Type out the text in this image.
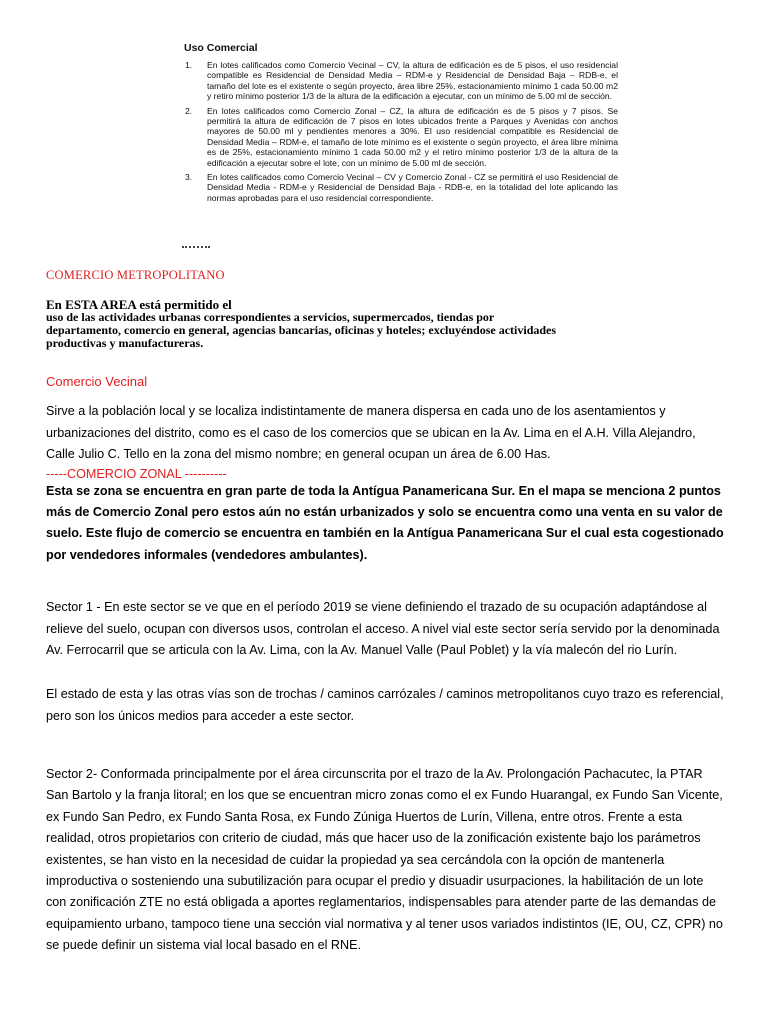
Uso Comercial
1.	En lotes calificados como Comercio Vecinal – CV, la altura de edificación es de 5 pisos, el uso residencial compatible es Residencial de Densidad Media – RDM-e y Residencial de Densidad Baja – RDB-e, el tamaño del lote es el existente o según proyecto, área libre 25%, estacionamiento mínimo 1 cada 50.00 m2 y retiro mínimo posterior 1/3 de la altura de la edificación a ejecutar, con un mínimo de 5.00 ml de sección.
2.	En lotes calificados como Comercio Zonal – CZ, la altura de edificación es de 5 pisos y 7 pisos. Se permitirá la altura de edificación de 7 pisos en lotes ubicados frente a Parques y Avenidas con anchos mayores de 50.00 ml y pendientes menores a 30%. El uso residencial compatible es Residencial de Densidad Media – RDM-e, el tamaño de lote mínimo es el existente o según proyecto, el área libre mínima es de 25%, estacionamiento mínimo 1 cada 50.00 m2 y el retiro mínimo posterior 1/3 de la altura de la edificación a ejecutar sobre el lote, con un mínimo de 5.00 ml de sección.
3.	En lotes calificados como Comercio Vecinal – CV y Comercio Zonal - CZ se permitirá el uso Residencial de Densidad Media - RDM-e y Residencial de Densidad Baja - RDB-e, en la totalidad del lote aplicando las normas aprobadas para el uso residencial correspondiente.
COMERCIO METROPOLITANO
En ESTA AREA está permitido el
uso de las actividades urbanas correspondientes a servicios, supermercados, tiendas por
departamento, comercio en general, agencias bancarias, oficinas y hoteles; excluyéndose actividades
productivas y manufactureras.
Comercio Vecinal

Sirve a la población local y se localiza indistintamente de manera dispersa en cada uno de los asentamientos y urbanizaciones del distrito, como es el caso de los comercios que se ubican en la Av. Lima en el A.H. Villa Alejandro, Calle Julio C. Tello en la zona del mismo nombre; en general ocupan un área de 6.00 Has.

-----COMERCIO ZONAL ----------

Esta se zona se encuentra en gran parte de toda la Antígua Panamericana Sur. En el mapa se menciona 2 puntos más de Comercio Zonal pero estos aún no están urbanizados y solo se encuentra como una venta en su valor de suelo. Este flujo de comercio se encuentra en también en la Antígua Panamericana Sur el cual esta cogestionado por vendedores informales (vendedores ambulantes).

Sector 1 - En este sector se ve que en el período 2019 se viene definiendo el trazado de su ocupación adaptándose al relieve del suelo, ocupan con diversos usos, controlan el acceso. A nivel vial este sector sería servido por la denominada Av. Ferrocarril que se articula con la Av. Lima, con la Av. Manuel Valle (Paul Poblet) y la vía malecón del rio Lurín.

El estado de esta y las otras vías son de trochas / caminos carrózales / caminos metropolitanos cuyo trazo es referencial, pero son los únicos medios para acceder a este sector.

Sector 2- Conformada principalmente por el área circunscrita por el trazo de la Av. Prolongación Pachacutec, la PTAR San Bartolo y la franja litoral; en los que se encuentran micro zonas como el ex Fundo Huarangal, ex Fundo San Vicente, ex Fundo San Pedro, ex Fundo Santa Rosa, ex Fundo Zúniga Huertos de Lurín, Villena, entre otros. Frente a esta realidad, otros propietarios con criterio de ciudad, más que hacer uso de la zonificación existente bajo los parámetros existentes, se han visto en la necesidad de cuidar la propiedad ya sea cercándola con la opción de mantenerla improductiva o sosteniendo una subutilización para ocupar el predio y disuadir usurpaciones. la habilitación de un lote con zonificación ZTE no está obligada a aportes reglamentarios, indispensables para atender parte de las demandas de equipamiento urbano, tampoco tiene una sección vial normativa y al tener usos variados indistintos (IE, OU, CZ, CPR) no se puede definir un sistema vial local basado en el RNE.
